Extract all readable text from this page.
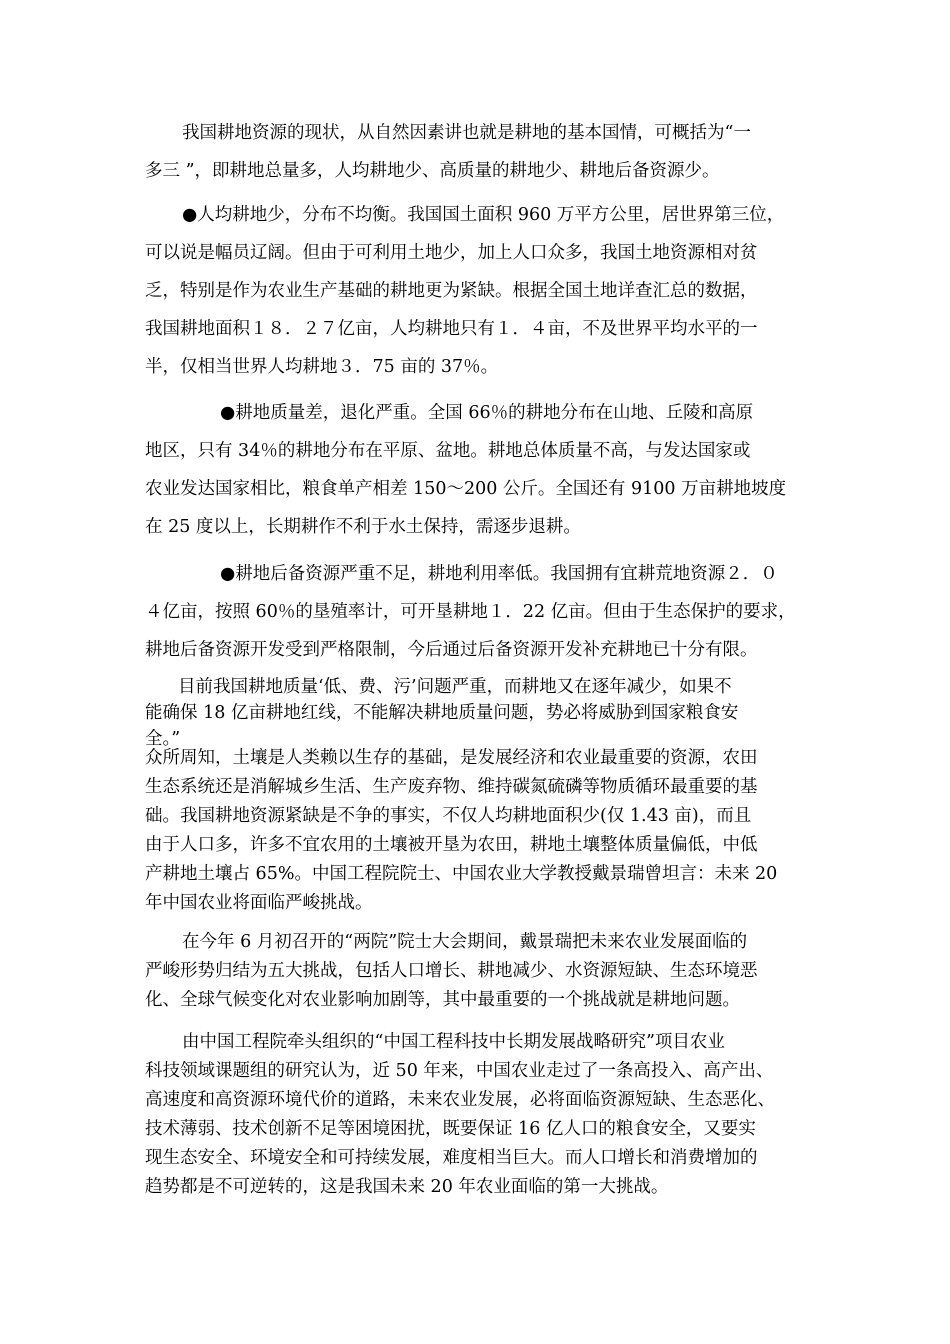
我国耕地资源的现状，从自然因素讲也就是耕地的基本国情，可概括为“一
多三 ”，即耕地总量多，人均耕地少、高质量的耕地少、耕地后备资源少。
●人均耕地少，分布不均衡。我国国土面积 960 万平方公里，居世界第三位，
可以说是幅员辽阔。但由于可利用土地少，加上人口众多，我国土地资源相对贫
乏，特别是作为农业生产基础的耕地更为紧缺。根据全国土地详查汇总的数据，
我国耕地面积１８．２７亿亩，人均耕地只有１．４亩，不及世界平均水平的一
半，仅相当世界人均耕地３．75 亩的 37％。
●耕地质量差，退化严重。全国 66％的耕地分布在山地、丘陵和高原
地区，只有 34％的耕地分布在平原、盆地。耕地总体质量不高，与发达国家或
农业发达国家相比，粮食单产相差 150～200 公斤。全国还有 9100 万亩耕地坡度
在 25 度以上，长期耕作不利于水土保持，需逐步退耕。
●耕地后备资源严重不足，耕地利用率低。我国拥有宜耕荒地资源２．０
４亿亩，按照 60％的垦殖率计，可开垦耕地１．22 亿亩。但由于生态保护的要求，
耕地后备资源开发受到严格限制，今后通过后备资源开发补充耕地已十分有限。
目前我国耕地质量‘低、费、污’问题严重，而耕地又在逐年减少，如果不
能确保 18 亿亩耕地红线，不能解决耕地质量问题，势必将威胁到国家粮食安
全。”
众所周知，土壤是人类赖以生存的基础，是发展经济和农业最重要的资源，农田
生态系统还是消解城乡生活、生产废弃物、维持碳氮硫磷等物质循环最重要的基
础。我国耕地资源紧缺是不争的事实，不仅人均耕地面积少(仅 1.43 亩)，而且
由于人口多，许多不宜农用的土壤被开垦为农田，耕地土壤整体质量偏低，中低
产耕地土壤占 65%。中国工程院院士、中国农业大学教授戴景瑞曾坦言：未来 20
年中国农业将面临严峻挑战。
在今年 6 月初召开的“两院”院士大会期间，戴景瑞把未来农业发展面临的
严峻形势归结为五大挑战，包括人口增长、耕地减少、水资源短缺、生态环境恶
化、全球气候变化对农业影响加剧等，其中最重要的一个挑战就是耕地问题。
由中国工程院牵头组织的“中国工程科技中长期发展战略研究”项目农业
科技领域课题组的研究认为，近 50 年来，中国农业走过了一条高投入、高产出、
高速度和高资源环境代价的道路，未来农业发展，必将面临资源短缺、生态恶化、
技术薄弱、技术创新不足等困境困扰，既要保证 16 亿人口的粮食安全，又要实
现生态安全、环境安全和可持续发展，难度相当巨大。而人口增长和消费增加的
趋势都是不可逆转的，这是我国未来 20 年农业面临的第一大挑战。
